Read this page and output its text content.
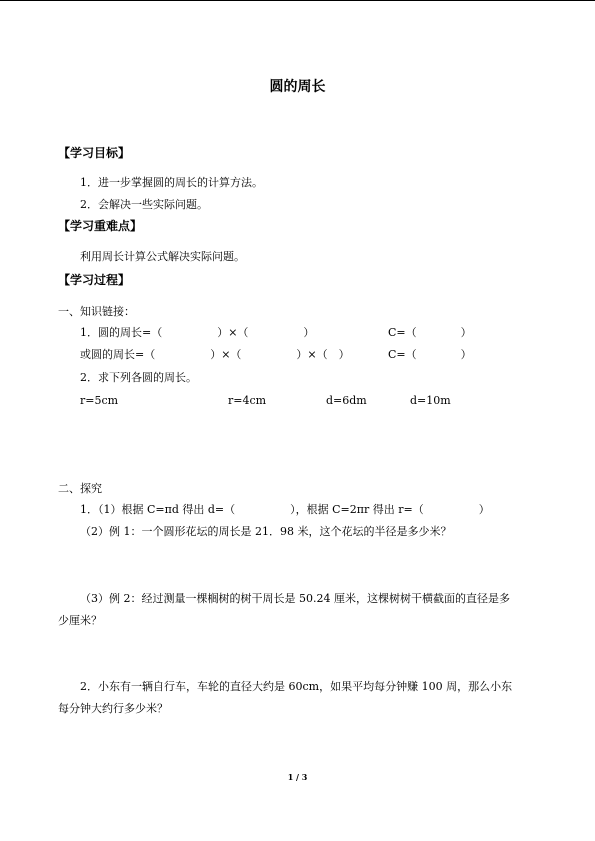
圆的周长
【学习目标】
1．进一步掌握圆的周长的计算方法。
2．会解决一些实际问题。
【学习重难点】
利用周长计算公式解决实际问题。
【学习过程】
一、知识链接：
1．圆的周长=（　　　　　）×（　　　　　）	C=（　　　　）
或圆的周长=（　　　　　）×（　　　　　）×（　）	C=（　　　　）
2．求下列各圆的周长。
r=5cm	r=4cm	d=6dm	d=10m
二、探究
1．（1）根据 C=πd 得出 d=（　　　　　），根据 C=2πr 得出 r=（　　　　　）
（2）例 1：一个圆形花坛的周长是 21．98 米，这个花坛的半径是多少米？
（3）例 2：经过测量一棵榈树的树干周长是 50.24 厘米，这棵树树干横截面的直径是多
少厘米？
2．小东有一辆自行车，车轮的直径大约是 60cm，如果平均每分钟赚 100 周，那么小东
每分钟大约行多少米？
1 / 3
